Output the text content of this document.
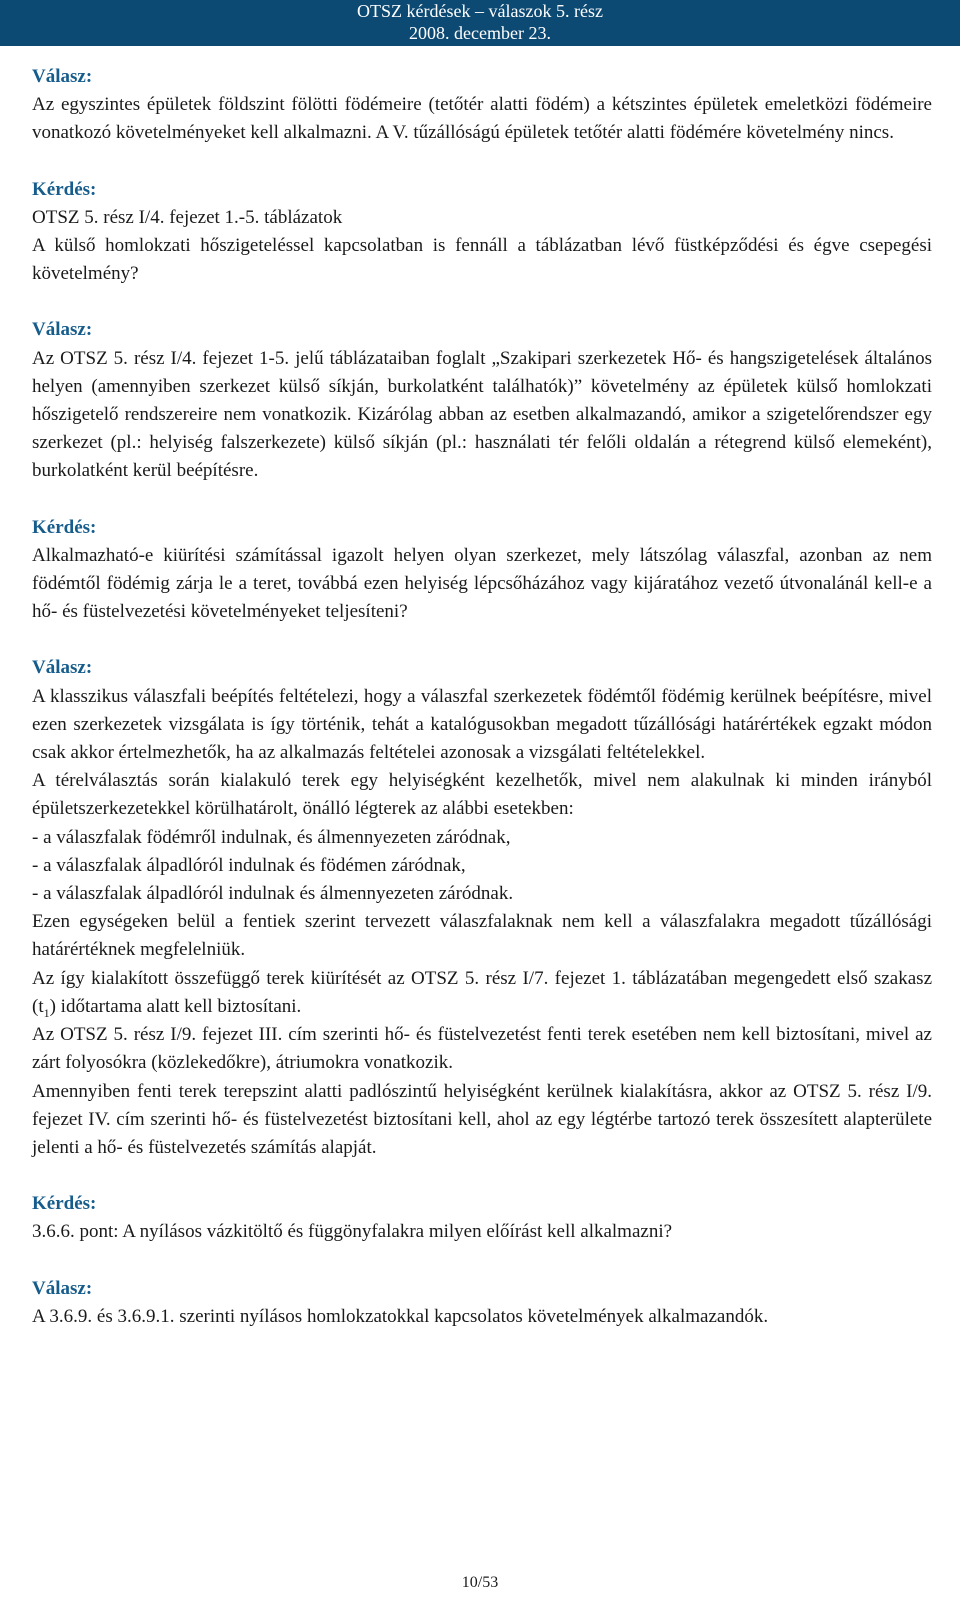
OTSZ kérdések – válaszok 5. rész
2008. december 23.

Válasz:

Az egyszintes épületek földszint fölötti födémeire (tetőtér alatti födém) a kétszintes épületek emeletközi födémeire vonatkozó követelményeket kell alkalmazni. A V. tűzállóságú épületek tetőtér alatti födémére követelmény nincs.

Kérdés:

OTSZ 5. rész I/4. fejezet 1.-5. táblázatok

A külső homlokzati hőszigeteléssel kapcsolatban is fennáll a táblázatban lévő füstképződési és égve csepegési követelmény?

Válasz:

Az OTSZ 5. rész I/4. fejezet 1-5. jelű táblázataiban foglalt „Szakipari szerkezetek Hő- és hangszigetelések általános helyen (amennyiben szerkezet külső síkján, burkolatként találhatók)” követelmény az épületek külső homlokzati hőszigetelő rendszereire nem vonatkozik. Kizárólag abban az esetben alkalmazandó, amikor a szigetelőrendszer egy szerkezet (pl.: helyiség falszerkezete) külső síkján (pl.: használati tér felőli oldalán a rétegrend külső elemeként), burkolatként kerül beépítésre.

Kérdés:

Alkalmazható-e kiürítési számítással igazolt helyen olyan szerkezet, mely látszólag válaszfal, azonban az nem födémtől födémig zárja le a teret, továbbá ezen helyiség lépcsőházához vagy kijáratához vezető útvonalánál kell-e a hő- és füstelvezetési követelményeket teljesíteni?

Válasz:

A klasszikus válaszfali beépítés feltételezi, hogy a válaszfal szerkezetek födémtől födémig kerülnek beépítésre, mivel ezen szerkezetek vizsgálata is így történik, tehát a katalógusokban megadott tűzállósági határértékek egzakt módon csak akkor értelmezhetők, ha az alkalmazás feltételei azonosak a vizsgálati feltételekkel.

A térelválasztás során kialakuló terek egy helyiségként kezelhetők, mivel nem alakulnak ki minden irányból épületszerkezetekkel körülhatárolt, önálló légterek az alábbi esetekben:

- a válaszfalak födémről indulnak, és álmennyezeten záródnak,

- a válaszfalak álpadlóról indulnak és födémen záródnak,

- a válaszfalak álpadlóról indulnak és álmennyezeten záródnak.

Ezen egységeken belül a fentiek szerint tervezett válaszfalaknak nem kell a válaszfalakra megadott tűzállósági határértéknek megfelelniük.

Az így kialakított összefüggő terek kiürítését az OTSZ 5. rész I/7. fejezet 1. táblázatában megengedett első szakasz $(t_1)$ időtartama alatt kell biztosítani.

Az OTSZ 5. rész I/9. fejezet III. cím szerinti hő- és füstelvezetést fenti terek esetében nem kell biztosítani, mivel az zárt folyosókra (közlekedőkre), átriumokra vonatkozik.

Amennyiben fenti terek terepszint alatti padlószintű helyiségként kerülnek kialakításra, akkor az OTSZ 5. rész I/9. fejezet IV. cím szerinti hő- és füstelvezetést biztosítani kell, ahol az egy légtérbe tartozó terek összesített alapterülete jelenti a hő- és füstelvezetés számítás alapját.

Kérdés:

3.6.6. pont: A nyílásos vázkitöltő és függönyfalakra milyen előírást kell alkalmazni?

Válasz:

A 3.6.9. és 3.6.9.1. szerinti nyílásos homlokzatokkal kapcsolatos követelmények alkalmazandók.

10/53
